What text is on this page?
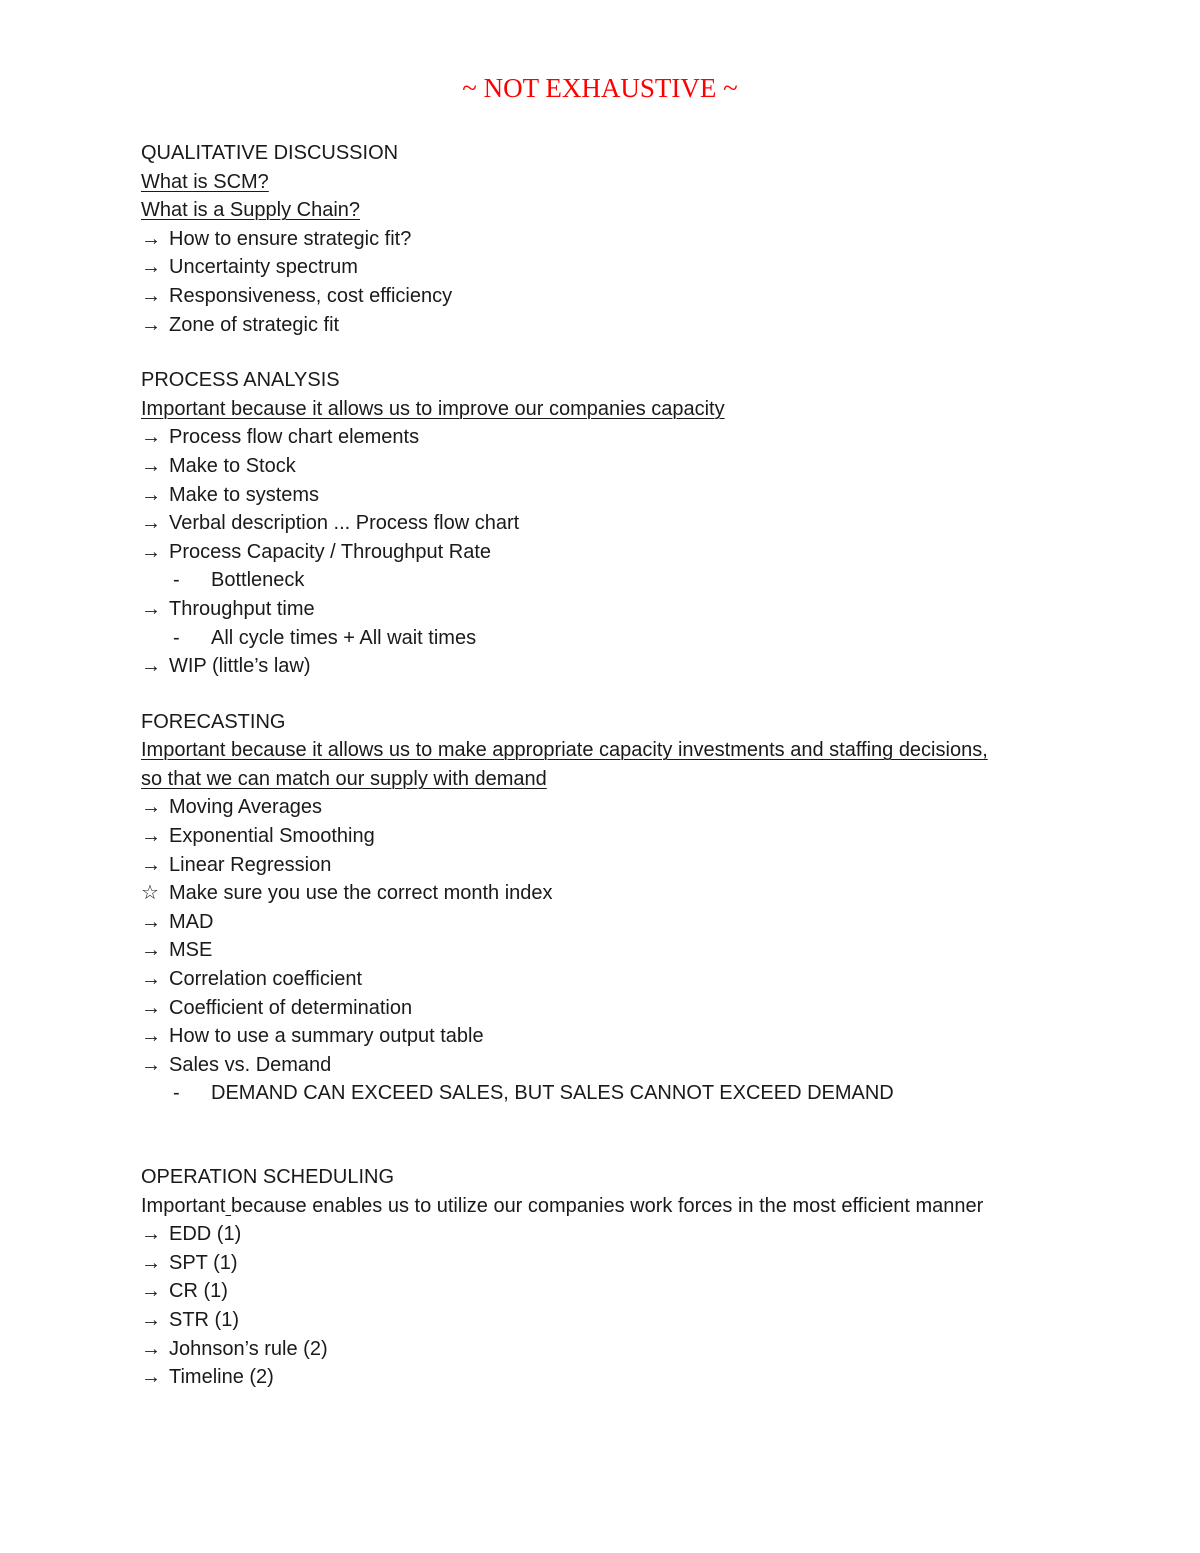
~ NOT EXHAUSTIVE ~
QUALITATIVE DISCUSSION
What is SCM?
What is a Supply Chain?
→ How to ensure strategic fit?
→ Uncertainty spectrum
→ Responsiveness, cost efficiency
→ Zone of strategic fit
PROCESS ANALYSIS
Important because it allows us to improve our companies capacity
→ Process flow chart elements
→ Make to Stock
→ Make to systems
→ Verbal description ... Process flow chart
→ Process Capacity / Throughput Rate
- Bottleneck
→ Throughput time
- All cycle times + All wait times
→ WIP (little’s law)
FORECASTING
Important because it allows us to make appropriate capacity investments and staffing decisions,
so that we can match our supply with demand
→ Moving Averages
→ Exponential Smoothing
→ Linear Regression
☆ Make sure you use the correct month index
→ MAD
→ MSE
→ Correlation coefficient
→ Coefficient of determination
→ How to use a summary output table
→ Sales vs. Demand
- DEMAND CAN EXCEED SALES, BUT SALES CANNOT EXCEED DEMAND
OPERATION SCHEDULING
Important because enables us to utilize our companies work forces in the most efficient manner
→ EDD (1)
→ SPT (1)
→ CR (1)
→ STR (1)
→ Johnson’s rule (2)
→ Timeline (2)
